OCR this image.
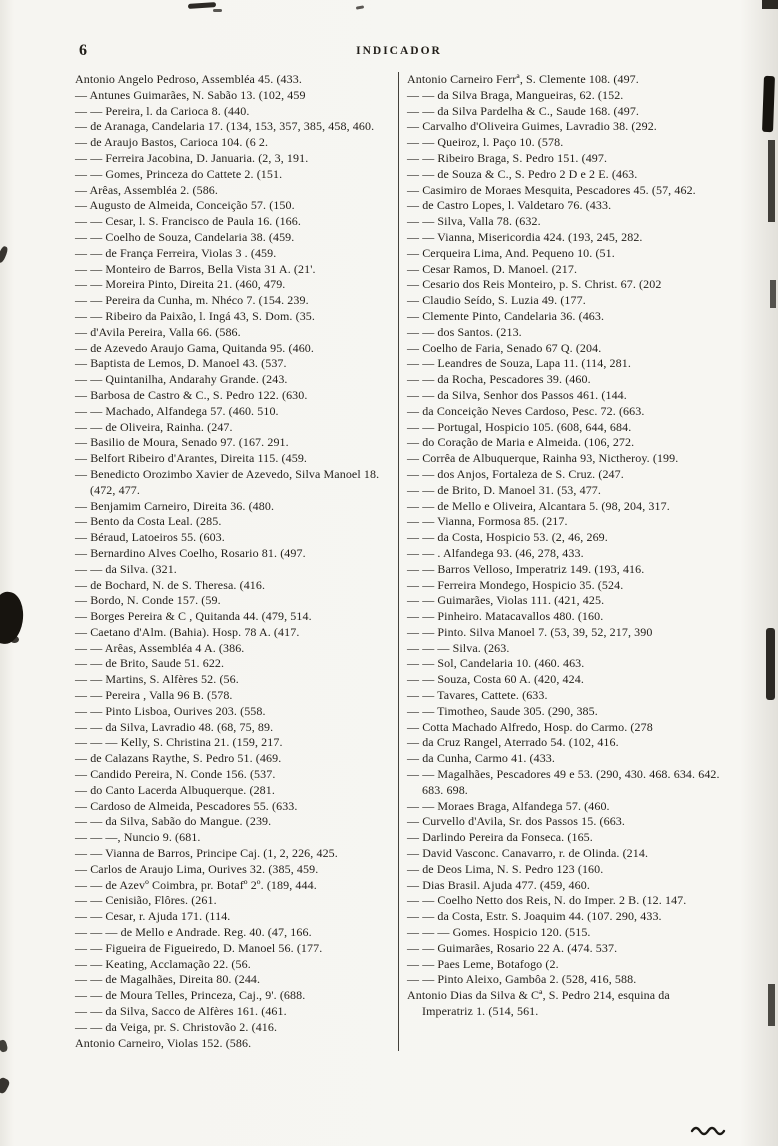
6	INDICADOR
Antonio Angelo Pedroso, Assembléa 45. (433.
— Antunes Guimarães, N. Sabão 13. (102, 459
— — Pereira, l. da Carioca 8. (440.
— de Aranaga, Candelaria 17. (134, 153, 357, 385, 458, 460.
— de Araujo Bastos, Carioca 104. (6 2.
— — Ferreira Jacobina, D. Januaria. (2, 3, 191.
— — Gomes, Princeza do Cattete 2. (151.
— Arêas, Assembléa 2. (586.
— Augusto de Almeida, Conceição 57. (150.
— — Cesar, l. S. Francisco de Paula 16. (166.
— — Coelho de Souza, Candelaria 38. (459.
— — de França Ferreira, Violas 3 . (459.
— — Monteiro de Barros, Bella Vista 31 A. (21'.
— — Moreira Pinto, Direita 21. (460, 479.
— — Pereira da Cunha, m. Nhéco 7. (154. 239.
— — Ribeiro da Paixão, l. Ingá 43, S. Dom. (35.
— d'Avila Pereira, Valla 66. (586.
— de Azevedo Araujo Gama, Quitanda 95. (460.
— Baptista de Lemos, D. Manoel 43. (537.
— — Quintanilha, Andarahy Grande. (243.
— Barbosa de Castro & C., S. Pedro 122. (630.
— — Machado, Alfandega 57. (460. 510.
— — de Oliveira, Rainha. (247.
— Basilio de Moura, Senado 97. (167. 291.
— Belfort Ribeiro d'Arantes, Direita 115. (459.
— Benedicto Orozimbo Xavier de Azevedo, Silva Manoel 18. (472, 477.
— Benjamim Carneiro, Direita 36. (480.
— Bento da Costa Leal. (285.
— Béraud, Latoeiros 55. (603.
— Bernardino Alves Coelho, Rosario 81. (497.
— — da Silva. (321.
— de Bochard, N. de S. Theresa. (416.
— Bordo, N. Conde 157. (59.
— Borges Pereira & C , Quitanda 44. (479, 514.
— Caetano d'Alm. (Bahia). Hosp. 78 A. (417.
— — Arêas, Assembléa 4 A. (386.
— — de Brito, Saude 51. 622.
— — Martins, S. Alfères 52. (56.
— — Pereira , Valla 96 B. (578.
— — Pinto Lisboa, Ourives 203. (558.
— — da Silva, Lavradio 48. (68, 75, 89.
— — — Kelly, S. Christina 21. (159, 217.
— de Calazans Raythe, S. Pedro 51. (469.
— Candido Pereira, N. Conde 156. (537.
— do Canto Lacerda Albuquerque. (281.
— Cardoso de Almeida, Pescadores 55. (633.
— — da Silva, Sabão do Mangue. (239.
— — —, Nuncio 9. (681.
— — Vianna de Barros, Principe Caj. (1, 2, 226, 425.
— Carlos de Araujo Lima, Ourives 32. (385, 459.
— — de Azevº Coimbra, pr. Botafº 2º. (189, 444.
— — Cenisião, Flôres. (261.
— — Cesar, r. Ajuda 171. (114.
— — — de Mello e Andrade. Reg. 40. (47, 166.
— — Figueira de Figueiredo, D. Manoel 56. (177.
— — Keating, Acclamação 22. (56.
— — de Magalhães, Direita 80. (244.
— — de Moura Telles, Princeza, Caj., 9'. (688.
— — da Silva, Sacco de Alfères 161. (461.
— — da Veiga, pr. S. Christovão 2. (416.
Antonio Carneiro, Violas 152. (586.
Antonio Carneiro Ferrª, S. Clemente 108. (497.
— — da Silva Braga, Mangueiras, 62. (152.
— — da Silva Pardelha & C., Saude 168. (497.
— Carvalho d'Oliveira Guimes, Lavradio 38. (292.
— — Queiroz, l. Paço 10. (578.
— — Ribeiro Braga, S. Pedro 151. (497.
— — de Souza & C., S. Pedro 2 D e 2 E. (463.
— Casimiro de Moraes Mesquita, Pescadores 45. (57, 462.
— de Castro Lopes, l. Valdetaro 76. (433.
— — Silva, Valla 78. (632.
— — Vianna, Misericordia 424. (193, 245, 282.
— Cerqueira Lima, And. Pequeno 10. (51.
— Cesar Ramos, D. Manoel. (217.
— Cesario dos Reis Monteiro, p. S. Christ. 67. (202
— Claudio Seído, S. Luzia 49. (177.
— Clemente Pinto, Candelaria 36. (463.
— — dos Santos. (213.
— Coelho de Faria, Senado 67 Q. (204.
— — Leandres de Souza, Lapa 11. (114, 281.
— — da Rocha, Pescadores 39. (460.
— — da Silva, Senhor dos Passos 461. (144.
— da Conceição Neves Cardoso, Pesc. 72. (663.
— — Portugal, Hospicio 105. (608, 644, 684.
— do Coração de Maria e Almeida. (106, 272.
— Corrêa de Albuquerque, Rainha 93, Nictheroy. (199.
— — dos Anjos, Fortaleza de S. Cruz. (247.
— — de Brito, D. Manoel 31. (53, 477.
— — de Mello e Oliveira, Alcantara 5. (98, 204, 317.
— — Vianna, Formosa 85. (217.
— — da Costa, Hospicio 53. (2, 46, 269.
— — . Alfandega 93. (46, 278, 433.
— — Barros Velloso, Imperatriz 149. (193, 416.
— — Ferreira Mondego, Hospicio 35. (524.
— — Guimarães, Violas 111. (421, 425.
— — Pinheiro. Matacavallos 480. (160.
— — Pinto. Silva Manoel 7. (53, 39, 52, 217, 390
— — — Silva. (263.
— — Sol, Candelaria 10. (460. 463.
— — Souza, Costa 60 A. (420, 424.
— — Tavares, Cattete. (633.
— — Timotheo, Saude 305. (290, 385.
— Cotta Machado Alfredo, Hosp. do Carmo. (278
— da Cruz Rangel, Aterrado 54. (102, 416.
— da Cunha, Carmo 41. (433.
— — Magalhães, Pescadores 49 e 53. (290, 430. 468. 634. 642. 683. 698.
— — Moraes Braga, Alfandega 57. (460.
— Curvello d'Avila, Sr. dos Passos 15. (663.
— Darlindo Pereira da Fonseca. (165.
— David Vasconc. Canavarro, r. de Olinda. (214.
— de Deos Lima, N. S. Pedro 123 (160.
— Dias Brasil. Ajuda 477. (459, 460.
— — Coelho Netto dos Reis, N. do Imper. 2 B. (12. 147.
— — da Costa, Estr. S. Joaquim 44. (107. 290, 433.
— — — Gomes. Hospicio 120. (515.
— — Guimarães, Rosario 22 A. (474. 537.
— — Paes Leme, Botafogo (2.
— — Pinto Aleixo, Gambôa 2. (528, 416, 588.
Antonio Dias da Silva & Cª, S. Pedro 214, esquina da Imperatriz 1. (514, 561.
